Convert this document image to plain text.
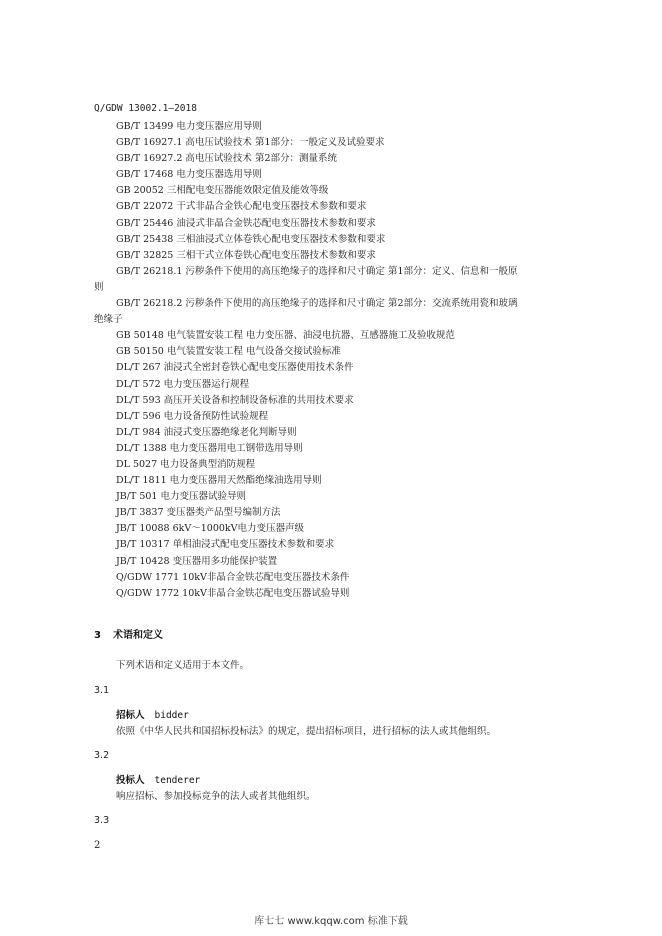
Q/GDW 13002.1—2018
GB/T 13499 电力变压器应用导则
GB/T 16927.1 高电压试验技术 第1部分：一般定义及试验要求
GB/T 16927.2 高电压试验技术 第2部分：测量系统
GB/T 17468 电力变压器选用导则
GB 20052 三相配电变压器能效限定值及能效等级
GB/T 22072 干式非晶合金铁心配电变压器技术参数和要求
GB/T 25446 油浸式非晶合金铁芯配电变压器技术参数和要求
GB/T 25438 三相油浸式立体卷铁心配电变压器技术参数和要求
GB/T 32825 三相干式立体卷铁心配电变压器技术参数和要求
GB/T 26218.1 污秽条件下使用的高压绝缘子的选择和尺寸确定 第1部分：定义、信息和一般原
则
GB/T 26218.2 污秽条件下使用的高压绝缘子的选择和尺寸确定 第2部分：交流系统用瓷和玻璃
绝缘子
GB 50148 电气装置安装工程 电力变压器、油浸电抗器、互感器施工及验收规范
GB 50150 电气装置安装工程 电气设备交接试验标准
DL/T 267 油浸式全密封卷铁心配电变压器使用技术条件
DL/T 572 电力变压器运行规程
DL/T 593 高压开关设备和控制设备标准的共用技术要求
DL/T 596 电力设备预防性试验规程
DL/T 984 油浸式变压器绝缘老化判断导则
DL/T 1388 电力变压器用电工钢带选用导则
DL 5027 电力设备典型消防规程
DL/T 1811 电力变压器用天然酯绝缘油选用导则
JB/T 501 电力变压器试验导则
JB/T 3837 变压器类产品型号编制方法
JB/T 10088 6kV～1000kV电力变压器声级
JB/T 10317 单相油浸式配电变压器技术参数和要求
JB/T 10428 变压器用多功能保护装置
Q/GDW 1771 10kV非晶合金铁芯配电变压器技术条件
Q/GDW 1772 10kV非晶合金铁芯配电变压器试验导则
3 术语和定义
下列术语和定义适用于本文件。
3.1
招标人 bidder
依照《中华人民共和国招标投标法》的规定，提出招标项目，进行招标的法人或其他组织。
3.2
投标人 tenderer
响应招标、参加投标竞争的法人或者其他组织。
3.3
2
库七七 www.kqqw.com 标准下载
